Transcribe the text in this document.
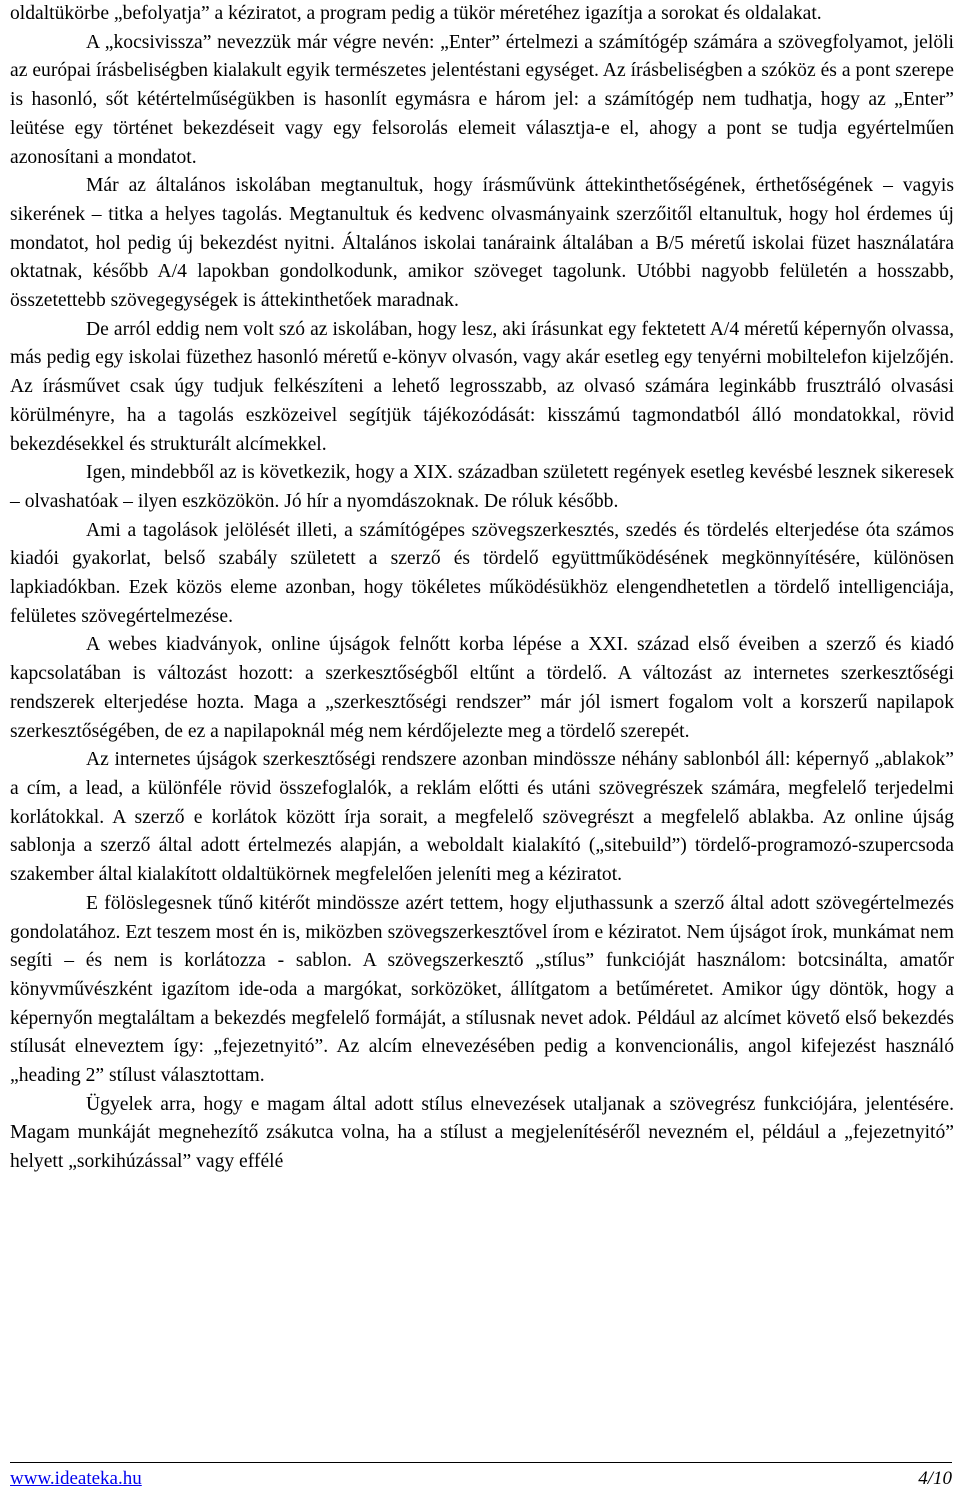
oldaltükörbe „befolyatja” a kéziratot, a program pedig a tükör méretéhez igazítja a sorokat és oldalakat.

A „kocsivissza” nevezzük már végre nevén: „Enter” értelmezi a számítógép számára a szövegfolyamot, jelöli az európai írásbeliségben kialakult egyik természetes jelentéstani egységet. Az írásbeliségben a szóköz és a pont szerepe is hasonló, sőt kétértelműségükben is hasonlít egymásra e három jel: a számítógép nem tudhatja, hogy az „Enter” leütése egy történet bekezdéseit vagy egy felsorolás elemeit választja-e el, ahogy a pont se tudja egyértelműen azonosítani a mondatot.

Már az általános iskolában megtanultuk, hogy írásművünk áttekinthetőségének, érthetőségének – vagyis sikerének – titka a helyes tagolás. Megtanultuk és kedvenc olvasmányaink szerzőitől eltanultuk, hogy hol érdemes új mondatot, hol pedig új bekezdést nyitni. Általános iskolai tanáraink általában a B/5 méretű iskolai füzet használatára oktatnak, később A/4 lapokban gondolkodunk, amikor szöveget tagolunk. Utóbbi nagyobb felületén a hosszabb, összetettebb szövegegységek is áttekinthetőek maradnak.

De arról eddig nem volt szó az iskolában, hogy lesz, aki írásunkat egy fektetett A/4 méretű képernyőn olvassa, más pedig egy iskolai füzethez hasonló méretű e-könyv olvasón, vagy akár esetleg egy tenyérni mobiltelefon kijelzőjén. Az írásművet csak úgy tudjuk felkészíteni a lehető legrosszabb, az olvasó számára leginkább frusztráló olvasási körülményre, ha a tagolás eszközeivel segítjük tájékozódását: kisszámú tagmondatból álló mondatokkal, rövid bekezdésekkel és strukturált alcímekkel.

Igen, mindebből az is következik, hogy a XIX. században született regények esetleg kevésbé lesznek sikeresek – olvashatóak – ilyen eszközökön. Jó hír a nyomdászoknak. De róluk később.

Ami a tagolások jelölését illeti, a számítógépes szövegszerkesztés, szedés és tördelés elterjedése óta számos kiadói gyakorlat, belső szabály született a szerző és tördelő együttműködésének megkönnyítésére, különösen lapkiadókban. Ezek közös eleme azonban, hogy tökéletes működésükhöz elengendhetetlen a tördelő intelligenciája, felületes szövegértelmezése.

A webes kiadványok, online újságok felnőtt korba lépése a XXI. század első éveiben a szerző és kiadó kapcsolatában is változást hozott: a szerkesztőségből eltűnt a tördelő. A változást az internetes szerkesztőségi rendszerek elterjedése hozta. Maga a „szerkesztőségi rendszer” már jól ismert fogalom volt a korszerű napilapok szerkesztőségében, de ez a napilapoknál még nem kérdőjelezte meg a tördelő szerepét.

Az internetes újságok szerkesztőségi rendszere azonban mindössze néhány sablonból áll: képernyő „ablakok” a cím, a lead, a különféle rövid összefoglalók, a reklám előtti és utáni szövegrészek számára, megfelelő terjedelmi korlátokkal. A szerző e korlátok között írja sorait, a megfelelő szövegrészt a megfelelő ablakba. Az online újság sablonja a szerző által adott értelmezés alapján, a weboldalt kialakító („sitebuild”) tördelő-programozó-szupercsoda szakember által kialakított oldaltükörnek megfelelően jeleníti meg a kéziratot.

E fölöslegesnek tűnő kitérőt mindössze azért tettem, hogy eljuthassunk a szerző által adott szövegértelmezés gondolatához. Ezt teszem most én is, miközben szövegszerkesztővel írom e kéziratot. Nem újságot írok, munkámat nem segíti – és nem is korlátozza - sablon. A szövegszerkesztő „stílus” funkcióját használom: botcsinálta, amatőr könyvművészként igazítom ide-oda a margókat, sorközöket, állítgatom a betűméretet. Amikor úgy döntök, hogy a képernyőn megtaláltam a bekezdés megfelelő formáját, a stílusnak nevet adok. Például az alcímet követő első bekezdés stílusát elneveztem így: „fejezetnyitó”. Az alcím elnevezésében pedig a konvencionális, angol kifejezést használó „heading 2” stílust választottam.

Ügyelek arra, hogy e magam által adott stílus elnevezések utaljanak a szövegrész funkciójára, jelentésére. Magam munkáját megnehezítő zsákutca volna, ha a stílust a megjelenítéséről nevezném el, például a „fejezetnyitó” helyett „sorkihúzással” vagy effélé

www.ideateka.hu	4/10
